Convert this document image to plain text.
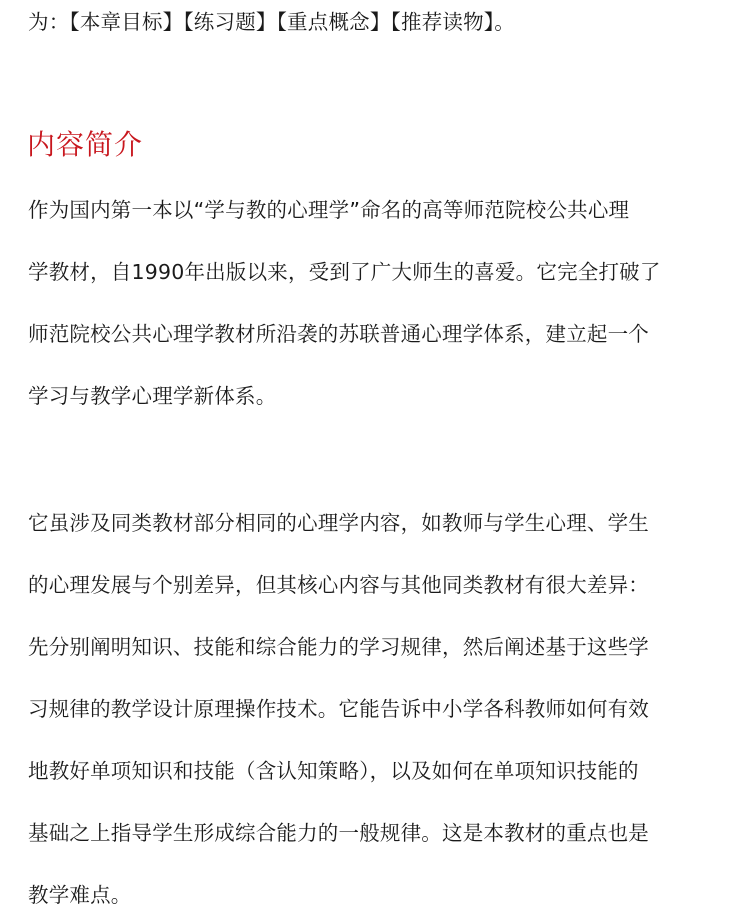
为：【本章目标】【练习题】【重点概念】【推荐读物】。

内容简介

作为国内第一本以“学与教的心理学”命名的高等师范院校公共心理

学教材，自1990年出版以来，受到了广大师生的喜爱。它完全打破了

师范院校公共心理学教材所沿袭的苏联普通心理学体系，建立起一个

学习与教学心理学新体系。

它虽涉及同类教材部分相同的心理学内容，如教师与学生心理、学生

的心理发展与个别差异，但其核心内容与其他同类教材有很大差异：

先分别阐明知识、技能和综合能力的学习规律，然后阐述基于这些学

习规律的教学设计原理操作技术。它能告诉中小学各科教师如何有效

地教好单项知识和技能（含认知策略），以及如何在单项知识技能的

基础之上指导学生形成综合能力的一般规律。这是本教材的重点也是

教学难点。
